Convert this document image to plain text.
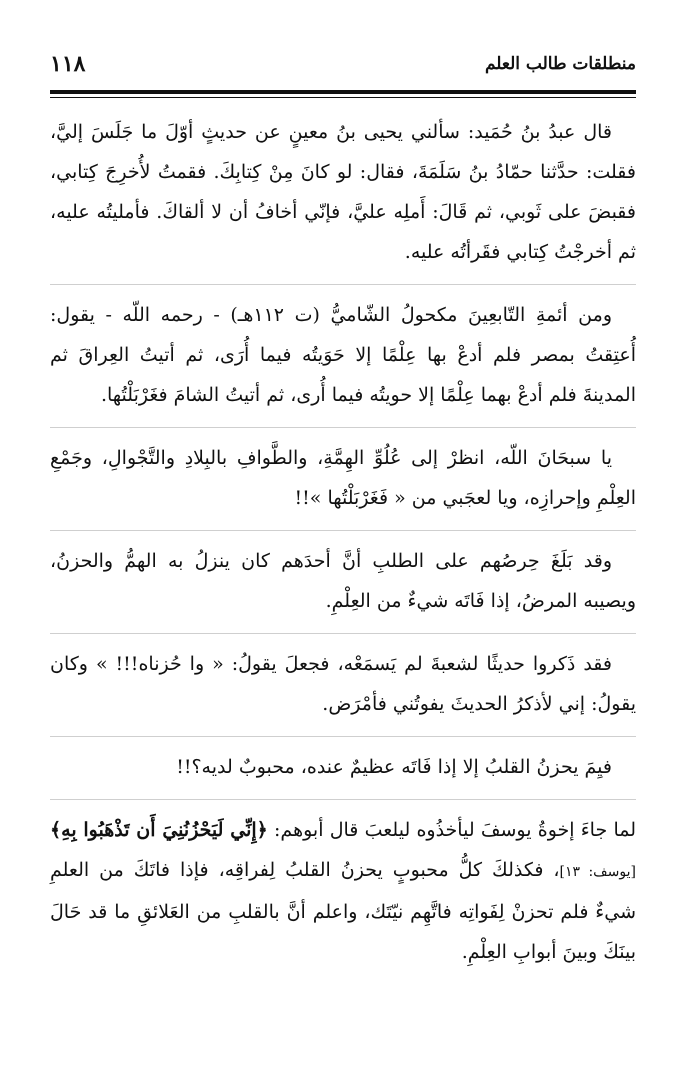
١١٨	منطلقات طالب العلم

قال عبدُ بنُ حُمَيد: سألني يحيى بنُ معينٍ عن حديثٍ أوّلَ ما جَلَسَ إليَّ، فقلت: حدَّثنا حمّادُ بنُ سَلَمَةَ، فقال: لو كانَ مِنْ كِتابِكَ. فقمتُ لأُخرِجَ كِتابي، فقبضَ على ثَوبي، ثم قَالَ: أَملِه عليَّ، فإنّي أخافُ أن لا ألقاكَ. فأمليتُه عليه، ثم أخرجْتُ كِتابي فقَرأتُه عليه.

ومن أئمةِ التّابعِينَ مكحولُ الشّاميُّ (ت ١١٢هـ) - رحمه اللّه - يقول: أُعتِقتُ بمصر فلم أدعْ بها عِلْمًا إلا حَوَيتُه فيما أُرَى، ثم أتيتُ العِراقَ ثم المدينةَ فلم أدعْ بهما عِلْمًا إلا حويتُه فيما أُرى، ثم أتيتُ الشامَ فغَرْبَلْتُها.

يا سبحَانَ اللّه، انظرْ إلى عُلُوِّ الهِمَّةِ، والطَّوافِ بالبِلادِ والتَّجْوالِ، وجَمْعِ العِلْمِ وإحرازِه، ويا لعجَبي من « فَغَرْبَلْتُها »!!

وقد بَلَغَ حِرصُهم على الطلبِ أنَّ أحدَهم كان ينزلُ به الهمُّ والحزنُ، ويصيبه المرضُ، إذا فَاتَه شيءٌ من العِلْمِ.

فقد ذَكروا حديثًا لشعبةَ لم يَسمَعْه، فجعلَ يقولُ: « وا حُزناه!!! » وكان يقولُ: إني لأذكرُ الحديثَ يفوتُني فأمْرَض.

فيِمَ يحزنُ القلبُ إلا إذا فَاتَه عظيمٌ عنده، محبوبٌ لديه؟!!

لما جاءَ إخوةُ يوسفَ ليأخذُوه ليلعبَ قال أبوهم: ﴿إِنِّي لَيَحْزُنُنِيَ أَن تَذْهَبُوا بِهِ﴾ [يوسف: ١٣]، فكذلكَ كلُّ محبوبٍ يحزنُ القلبُ لِفراقِه، فإذا فاتَكَ من العلمِ شيءٌ فلم تحزنْ لِفَواتِه فاتَّهِم نيّتَك، واعلم أنَّ بالقلبِ من العَلائقِ ما قد حَالَ بينَكَ وبينَ أبوابِ العِلْمِ.
